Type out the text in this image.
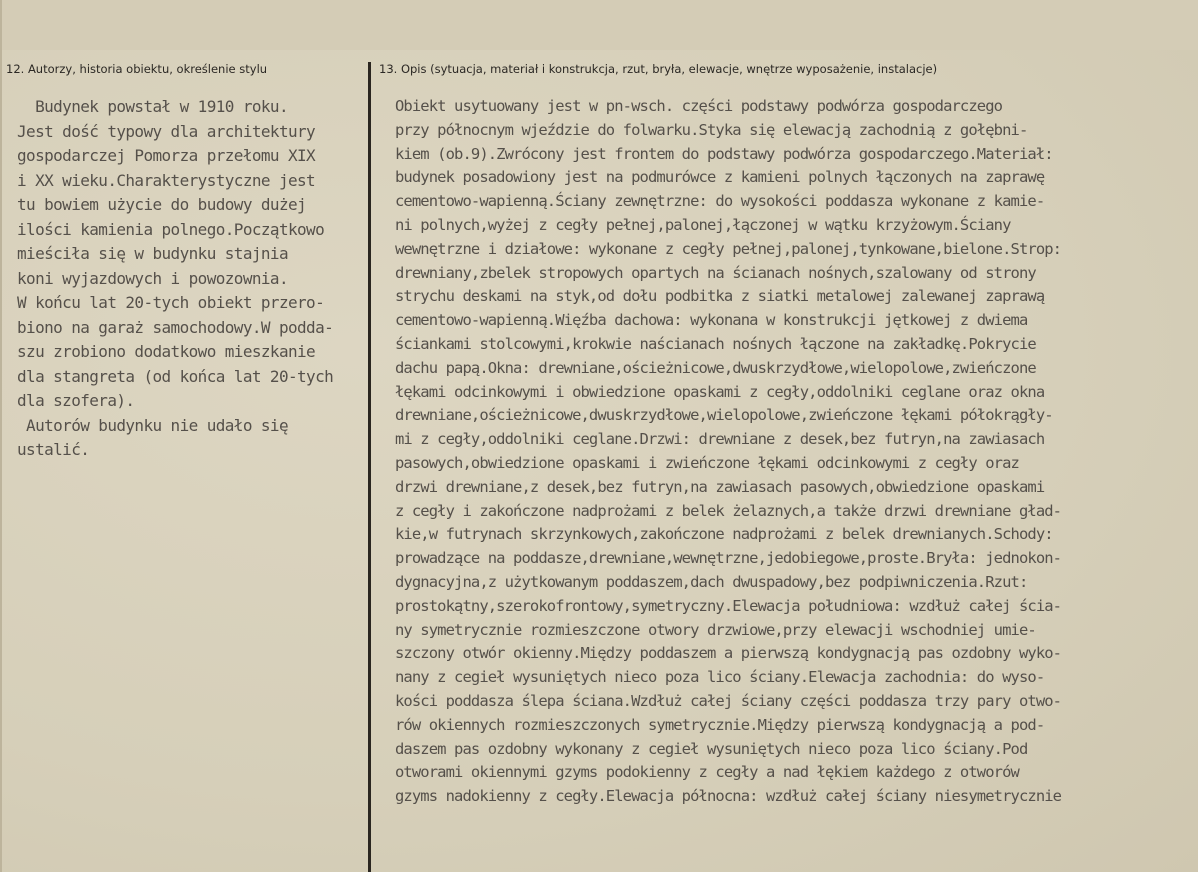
12. Autorzy, historia obiektu, określenie stylu	13. Opis (sytuacja, materiał i konstrukcja, rzut, bryła, elewacje, wnętrze wyposażenie, instalacje)
Budynek powstał w 1910 roku.
Jest dość typowy dla architektury
gospodarczej Pomorza przełomu XIX
i XX wieku.Charakterystyczne jest
tu bowiem użycie do budowy dużej
ilości kamienia polnego.Początkowo
mieściła się w budynku stajnia
koni wyjazdowych i powozownia.
W końcu lat 20-tych obiekt przero-
biono na garaż samochodowy.W podda-
szu zrobiono dodatkowo mieszkanie
dla stangreta (od końca lat 20-tych
dla szofera).
Autorów budynku nie udało się
ustalić.
Obiekt usytuowany jest w pn-wsch. części podstawy podwórza gospodarczego
przy północnym wjeździe do folwarku.Styka się elewacją zachodnią z gołębni-
kiem (ob.9).Zwrócony jest frontem do podstawy podwórza gospodarczego.Materiał:
budynek posadowiony jest na podmurówce z kamieni polnych łączonych na zaprawę
cementowo-wapienną.Ściany zewnętrzne: do wysokości poddasza wykonane z kamie-
ni polnych,wyżej z cegły pełnej,palonej,łączonej w wątku krzyżowym.Ściany
wewnętrzne i działowe: wykonane z cegły pełnej,palonej,tynkowane,bielone.Strop:
drewniany,zbelek stropowych opartych na ścianach nośnych,szalowany od strony
strychu deskami na styk,od dołu podbitka z siatki metalowej zalewanej zaprawą
cementowo-wapienną.Więźba dachowa: wykonana w konstrukcji jętkowej z dwiema
ściankami stolcowymi,krokwie naścianach nośnych łączone na zakładkę.Pokrycie
dachu papą.Okna: drewniane,ościeżnicowe,dwuskrzydłowe,wielopolowe,zwieńczone
łękami odcinkowymi i obwiedzione opaskami z cegły,oddolniki ceglane oraz okna
drewniane,ościeżnicowe,dwuskrzydłowe,wielopolowe,zwieńczone łękami półokrągły-
mi z cegły,oddolniki ceglane.Drzwi: drewniane z desek,bez futryn,na zawiasach
pasowych,obwiedzione opaskami i zwieńczone łękami odcinkowymi z cegły oraz
drzwi drewniane,z desek,bez futryn,na zawiasach pasowych,obwiedzione opaskami
z cegły i zakończone nadprożami z belek żelaznych,a także drzwi drewniane gład-
kie,w futrynach skrzynkowych,zakończone nadprożami z belek drewnianych.Schody:
prowadzące na poddasze,drewniane,wewnętrzne,jedobiegowe,proste.Bryła: jednokon-
dygnacyjna,z użytkowanym poddaszem,dach dwuspadowy,bez podpiwniczenia.Rzut:
prostokątny,szerokofrontowy,symetryczny.Elewacja południowa: wzdłuż całej ścia-
ny symetrycznie rozmieszczone otwory drzwiowe,przy elewacji wschodniej umie-
szczony otwór okienny.Między poddaszem a pierwszą kondygnacją pas ozdobny wyko-
nany z cegieł wysuniętych nieco poza lico ściany.Elewacja zachodnia: do wyso-
kości poddasza ślepa ściana.Wzdłuż całej ściany części poddasza trzy pary otwo-
rów okiennych rozmieszczonych symetrycznie.Między pierwszą kondygnacją a pod-
daszem pas ozdobny wykonany z cegieł wysuniętych nieco poza lico ściany.Pod
otworami okiennymi gzyms podokienny z cegły a nad łękiem każdego z otworów
gzyms nadokienny z cegły.Elewacja północna: wzdłuż całej ściany niesymetrycznie
